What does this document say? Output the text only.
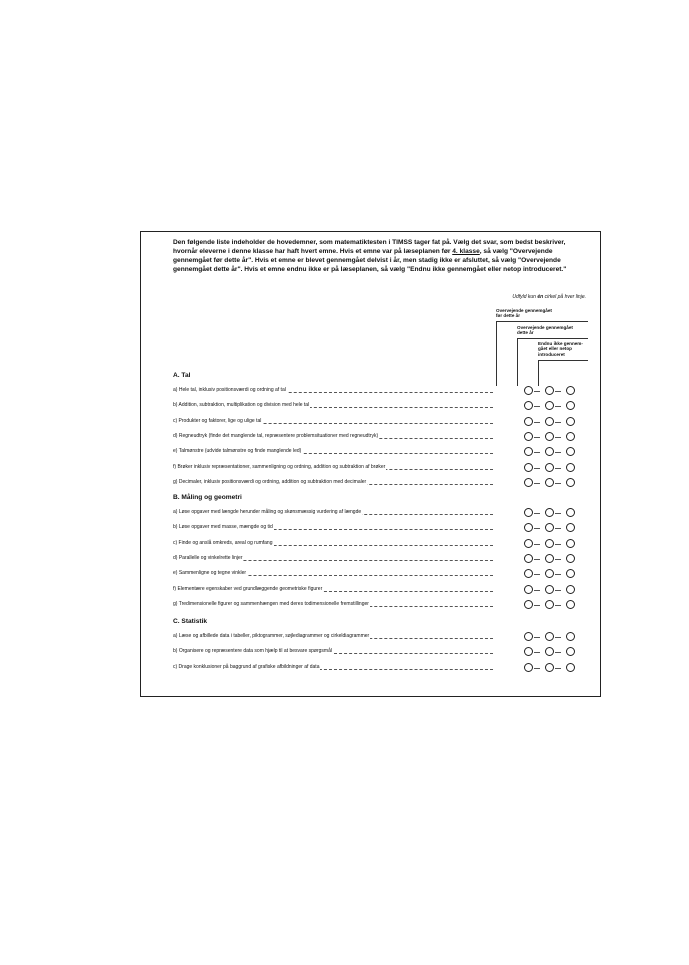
Den følgende liste indeholder de hovedemner, som matematiktesten i TIMSS tager fat på. Vælg det svar, som bedst beskriver, hvornår eleverne i denne klasse har haft hvert emne. Hvis et emne var på læseplanen før 4. klasse, så vælg "Overvejende gennemgået før dette år". Hvis et emne er blevet gennemgået delvist i år, men stadig ikke er afsluttet, så vælg "Overvejende gennemgået dette år". Hvis et emne endnu ikke er på læseplanen, så vælg "Endnu ikke gennemgået eller netop introduceret."

Udfyld kun én cirkel på hver linje.
Overvejende gennemgået før dette år
Overvejende gennemgået dette år
Endnu ikke gennem-gået eller netop introduceret
A. Tal
a) Hele tal, inklusiv positionsværdi og ordning af tal
b) Addition, subtraktion, multiplikation og division med hele tal
c) Produkter og faktorer, lige og ulige tal
d) Regneudtryk (finde det manglende tal, repræsentere problemsituationer med regneudtryk)
e) Talmønstre (udvide talmønstre og finde manglende led)
f) Brøker inklusiv repræsentationer, sammenligning og ordning, addition og subtraktion af brøker
g) Decimaler, inklusiv positionsværdi og ordning, addition og subtraktion med decimaler
B. Måling og geometri
a) Løse opgaver med længde herunder måling og skønsmæssig vurdering af længde
b) Løse opgaver med masse, mængde og tid
c) Finde og anslå omkreds, areal og rumfang
d) Parallelle og vinkelrette linjer
e) Sammenligne og tegne vinkler
f) Elementære egenskaber ved grundlæggende geometriske figurer
g) Tredimensionelle figurer og sammenhængen med deres todimensionelle fremstillinger
C. Statistik
a) Læse og afbillede data i tabeller, piktogrammer, søjlediagrammer og cirkeldiagrammer
b) Organisere og repræsentere data som hjælp til at besvare spørgsmål
c) Drage konklusioner på baggrund af grafiske afbildninger af data
